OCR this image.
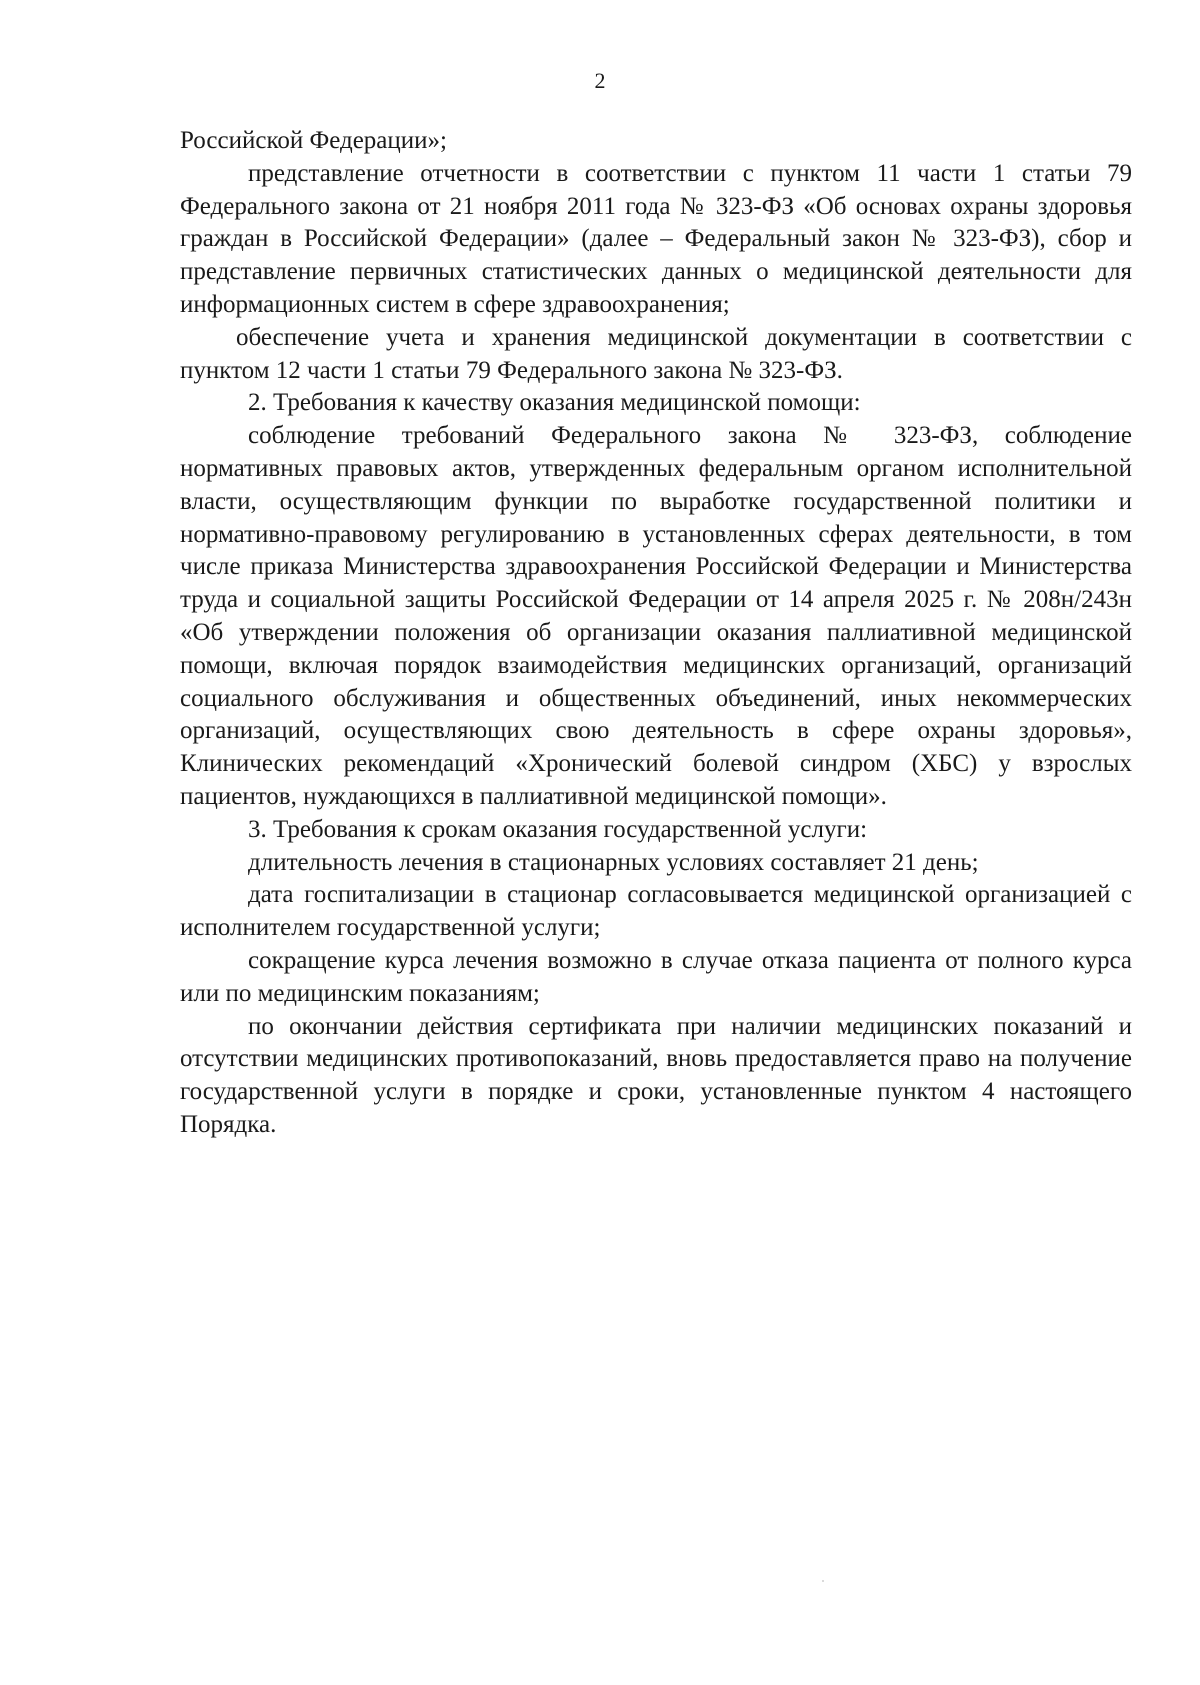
2

Российской Федерации»;

представление отчетности в соответствии с пунктом 11 части 1 статьи 79 Федерального закона от 21 ноября 2011 года № 323-ФЗ «Об основах охраны здоровья граждан в Российской Федерации» (далее – Федеральный закон № 323-ФЗ), сбор и представление первичных статистических данных о медицинской деятельности для информационных систем в сфере здравоохранения;

обеспечение учета и хранения медицинской документации в соответствии с пунктом 12 части 1 статьи 79 Федерального закона № 323-ФЗ.

2. Требования к качеству оказания медицинской помощи:

соблюдение требований Федерального закона № 323-ФЗ, соблюдение нормативных правовых актов, утвержденных федеральным органом исполнительной власти, осуществляющим функции по выработке государственной политики и нормативно-правовому регулированию в установленных сферах деятельности, в том числе приказа Министерства здравоохранения Российской Федерации и Министерства труда и социальной защиты Российской Федерации от 14 апреля 2025 г. № 208н/243н «Об утверждении положения об организации оказания паллиативной медицинской помощи, включая порядок взаимодействия медицинских организаций, организаций социального обслуживания и общественных объединений, иных некоммерческих организаций, осуществляющих свою деятельность в сфере охраны здоровья», Клинических рекомендаций «Хронический болевой синдром (ХБС) у взрослых пациентов, нуждающихся в паллиативной медицинской помощи».

3. Требования к срокам оказания государственной услуги:

длительность лечения в стационарных условиях составляет 21 день;

дата госпитализации в стационар согласовывается медицинской организацией с исполнителем государственной услуги;

сокращение курса лечения возможно в случае отказа пациента от полного курса или по медицинским показаниям;

по окончании действия сертификата при наличии медицинских показаний и отсутствии медицинских противопоказаний, вновь предоставляется право на получение государственной услуги в порядке и сроки, установленные пунктом 4 настоящего Порядка.
